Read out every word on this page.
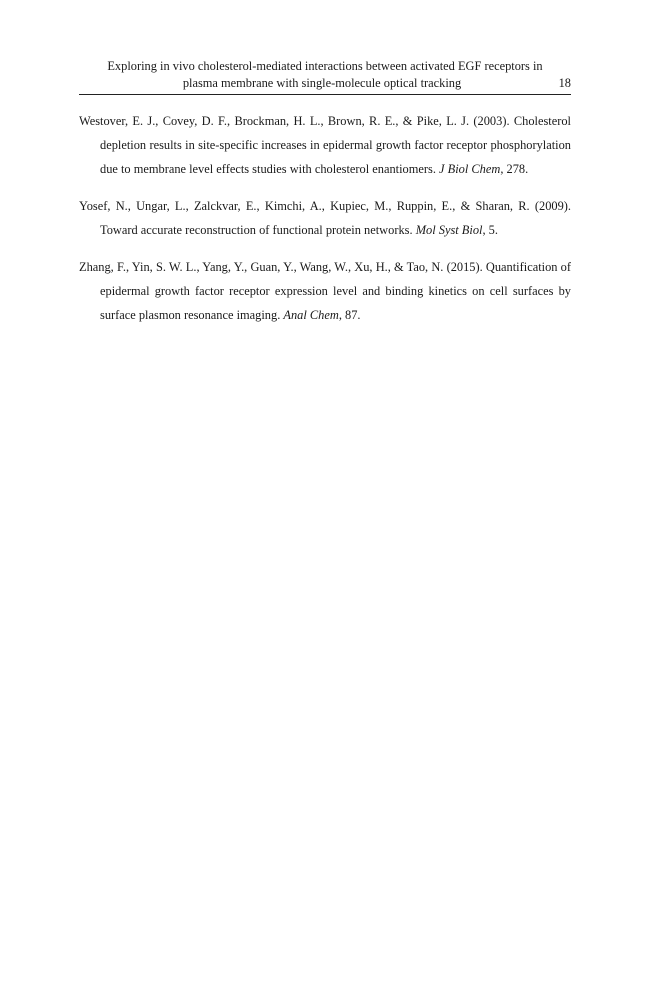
Exploring in vivo cholesterol-mediated interactions between activated EGF receptors in
plasma membrane with single-molecule optical tracking	18

Westover, E. J., Covey, D. F., Brockman, H. L., Brown, R. E., & Pike, L. J. (2003). Cholesterol depletion results in site-specific increases in epidermal growth factor receptor phosphorylation due to membrane level effects studies with cholesterol enantiomers. J Biol Chem, 278.

Yosef, N., Ungar, L., Zalckvar, E., Kimchi, A., Kupiec, M., Ruppin, E., & Sharan, R. (2009). Toward accurate reconstruction of functional protein networks. Mol Syst Biol, 5.

Zhang, F., Yin, S. W. L., Yang, Y., Guan, Y., Wang, W., Xu, H., & Tao, N. (2015). Quantification of epidermal growth factor receptor expression level and binding kinetics on cell surfaces by surface plasmon resonance imaging. Anal Chem, 87.
